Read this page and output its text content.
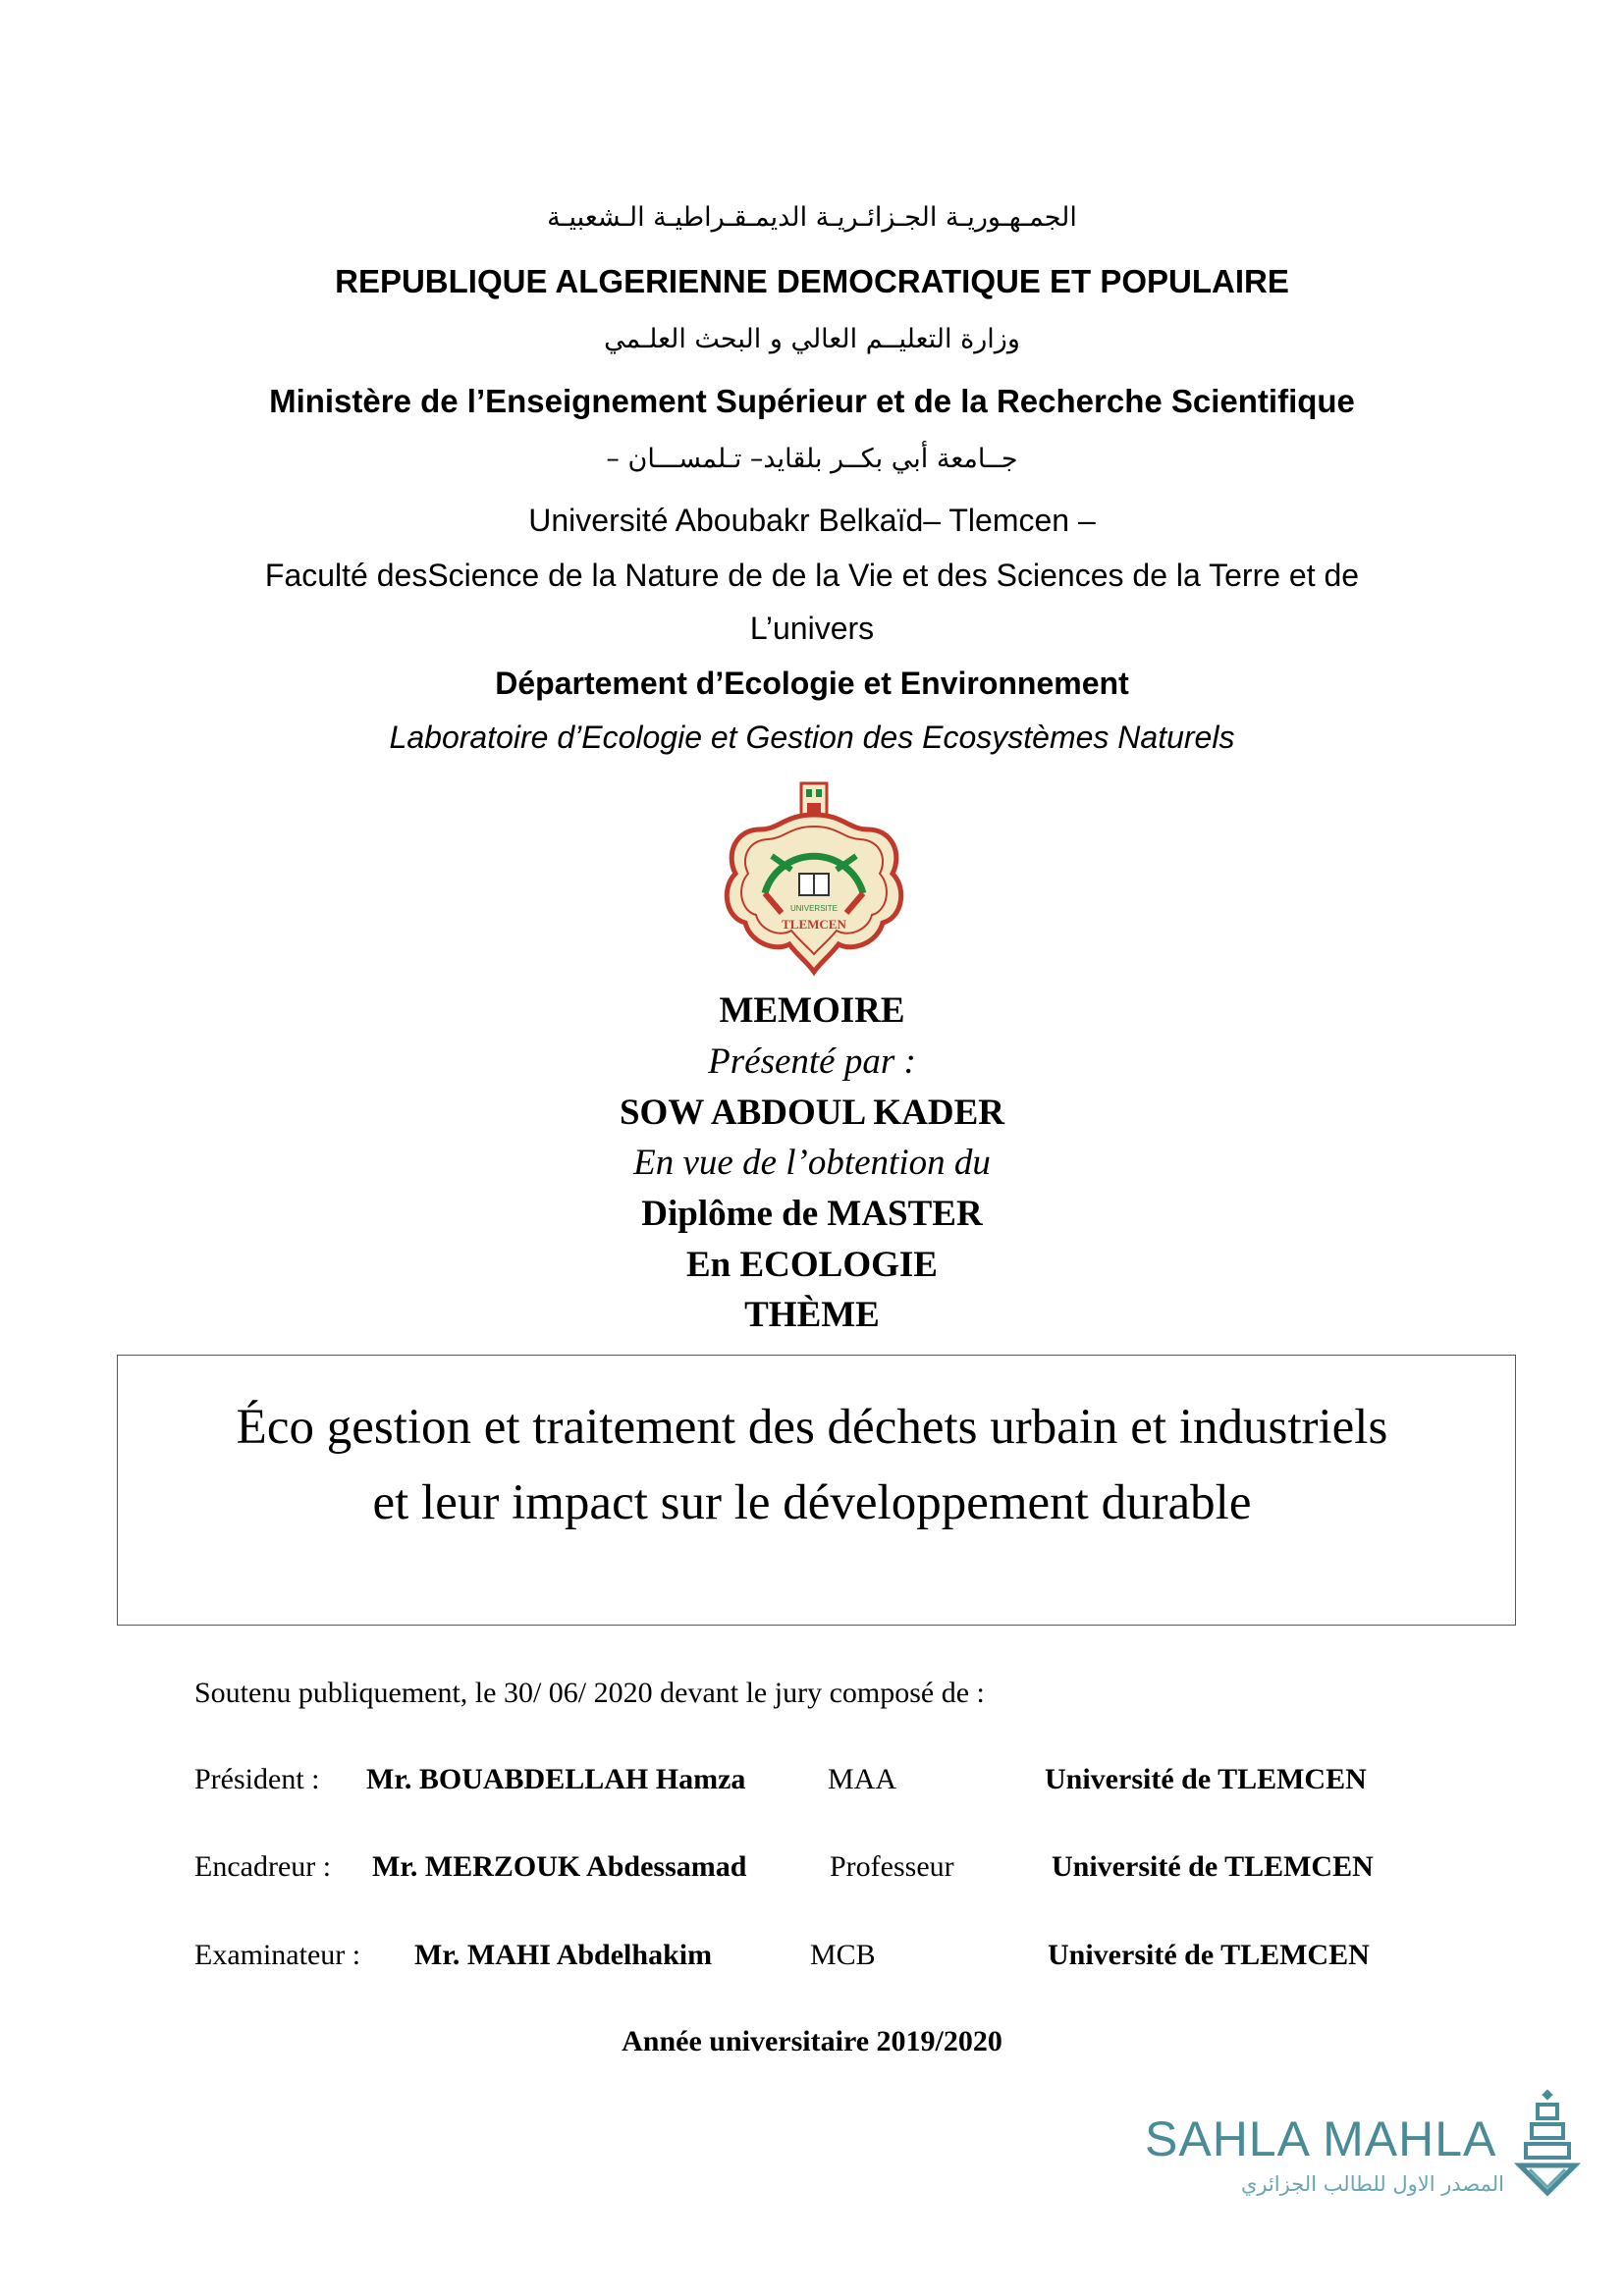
الجمـهـوريـة الجـزائـريـة الديمـقـراطيـة الـشعبيـة
REPUBLIQUE ALGERIENNE DEMOCRATIQUE ET POPULAIRE
وزارة التعليــم العالي و البحث العلـمي
Ministère de l’Enseignement Supérieur et de la Recherche Scientifique
جــامعة أبي بكــر بلقايد– تـلمســـان –
Université Aboubakr Belkaïd– Tlemcen –
Faculté desScience de la Nature de de la Vie et des Sciences de la Terre et de
L’univers
Département d’Ecologie et Environnement
Laboratoire d’Ecologie et Gestion des Ecosystèmes Naturels
UNIVERSITE
TLEMCEN
MEMOIRE
Présenté par :
SOW ABDOUL KADER
En vue de l’obtention du
Diplôme de MASTER
En ECOLOGIE
THÈME
Éco gestion et traitement des déchets urbain et industriels
et leur impact sur le développement durable
Soutenu publiquement, le 30/ 06/ 2020 devant le jury composé de :
Président : Mr. BOUABDELLAH Hamza	MAA	Université de TLEMCEN
Encadreur : Mr. MERZOUK Abdessamad	Professeur	Université de TLEMCEN
Examinateur : Mr. MAHI Abdelhakim	MCB	Université de TLEMCEN
Année universitaire 2019/2020
SAHLA MAHLA
المصدر الاول للطالب الجزائري
